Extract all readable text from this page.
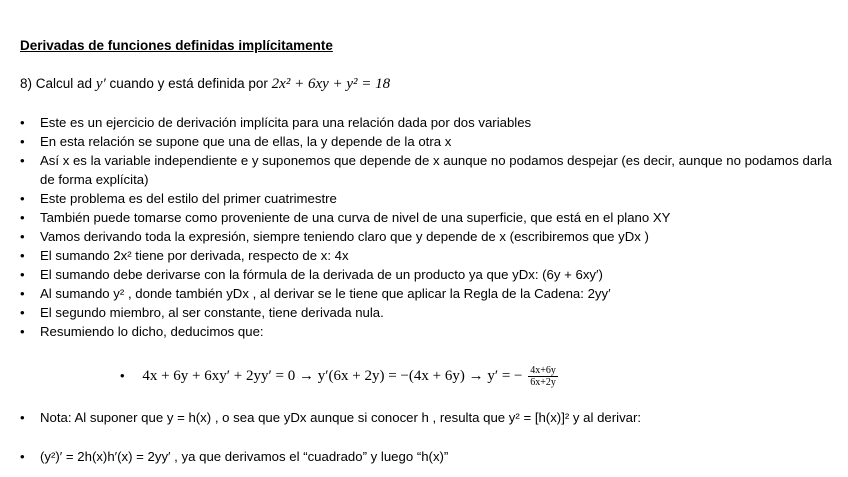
Derivadas de funciones definidas implícitamente
8) Calcul ad y′ cuando y está definida por 2x² + 6xy + y² = 18
• Este es un ejercicio de derivación implícita para una relación dada por dos variables
• En esta relación se supone que una de ellas, la y depende de la otra x
• Así x es la variable independiente e y suponemos que depende de x aunque no podamos despejar (es decir, aunque no podamos darla de forma explícita)
• Este problema es del estilo del primer cuatrimestre
• También puede tomarse como proveniente de una curva de nivel de una superficie, que está en el plano XY
• Vamos derivando toda la expresión, siempre teniendo claro que y depende de x (escribiremos que yDx )
• El sumando 2x² tiene por derivada, respecto de x: 4x
• El sumando debe derivarse con la fórmula de la derivada de un producto ya que yDx: (6y + 6xy′)
• Al sumando y² , donde también yDx , al derivar se le tiene que aplicar la Regla de la Cadena: 2yy′
• El segundo miembro, al ser constante, tiene derivada nula.
• Resumiendo lo dicho, deducimos que:
• 4x + 6y + 6xy′ + 2yy′ = 0 → y′(6x + 2y) = −(4x + 6y) → y′ = − $\frac{4x+6y}{6x+2y}$
• Nota: Al suponer que y = h(x) , o sea que yDx aunque si conocer h , resulta que y² = [h(x)]² y al derivar:
• (y²)′ = 2h(x)h′(x) = 2yy′ , ya que derivamos el “cuadrado” y luego “h(x)”
